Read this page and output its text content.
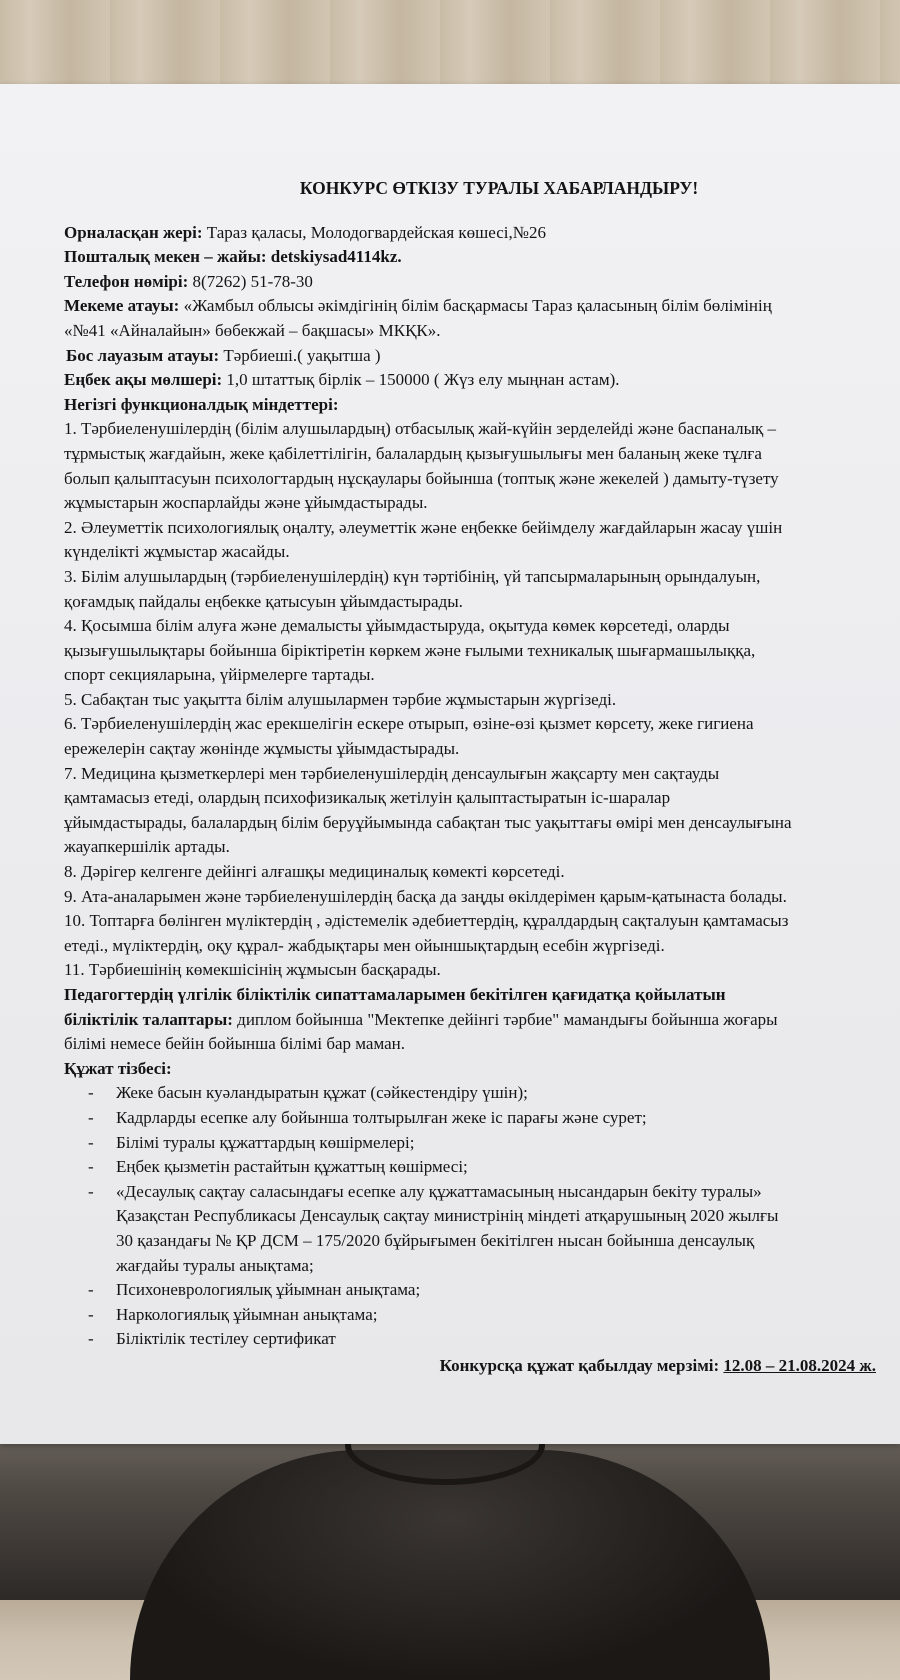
КОНКУРС ӨТКІЗУ ТУРАЛЫ ХАБАРЛАНДЫРУ!
Орналасқан жері: Тараз қаласы, Молодогвардейская көшесі,№26
Пошталық мекен – жайы: detskiysad4114kz.
Телефон нөмірі: 8(7262) 51-78-30
Мекеме атауы: «Жамбыл облысы әкімдігінің білім басқармасы Тараз қаласының білім бөлімінің
«№41 «Айналайын» бөбекжай – бақшасы» МКҚК».
Бос лауазым атауы: Тәрбиеші.( уақытша )
Еңбек ақы мөлшері: 1,0 штаттық бірлік – 150000 ( Жүз елу мыңнан астам).
Негізгі функционалдық міндеттері:
1. Тәрбиеленушілердің (білім алушылардың) отбасылық жай-күйін зерделейді және баспаналық –
тұрмыстық жағдайын, жеке қабілеттілігін, балалардың қызығушылығы мен баланың жеке тұлға
болып қалыптасуын психологтардың нұсқаулары бойынша (топтық және жекелей ) дамыту-түзету
жұмыстарын жоспарлайды және ұйымдастырады.
2. Әлеуметтік психологиялық оңалту, әлеуметтік және еңбекке бейімделу жағдайларын жасау үшін
күнделікті жұмыстар жасайды.
3. Білім алушылардың (тәрбиеленушілердің) күн тәртібінің, үй тапсырмаларының орындалуын,
қоғамдық пайдалы еңбекке қатысуын ұйымдастырады.
4. Қосымша білім алуға және демалысты ұйымдастыруда, оқытуда көмек көрсетеді, оларды
қызығушылықтары бойынша біріктіретін көркем және ғылыми техникалық шығармашылыққа,
спорт секцияларына, үйірмелерге тартады.
5. Сабақтан тыс уақытта білім алушылармен тәрбие жұмыстарын жүргізеді.
6. Тәрбиеленушілердің жас ерекшелігін ескере отырып, өзіне-өзі қызмет көрсету, жеке гигиена
ережелерін сақтау жөнінде жұмысты ұйымдастырады.
7. Медицина қызметкерлері мен тәрбиеленушілердің денсаулығын жақсарту мен сақтауды
қамтамасыз етеді, олардың психофизикалық жетілуін қалыптастыратын іс-шаралар
ұйымдастырады, балалардың білім беруұйымында сабақтан тыс уақыттағы өмірі мен денсаулығына
жауапкершілік артады.
8. Дәрігер келгенге дейінгі алғашқы медициналық көмекті көрсетеді.
9. Ата-аналарымен және тәрбиеленушілердің басқа да заңды өкілдерімен қарым-қатынаста болады.
10. Топтарға бөлінген мүліктердің , әдістемелік әдебиеттердің, құралдардың сақталуын қамтамасыз
етеді., мүліктердің, оқу құрал- жабдықтары мен ойыншықтардың есебін жүргізеді.
11. Тәрбиешінің көмекшісінің жұмысын басқарады.
Педагогтердің үлгілік біліктілік сипаттамаларымен бекітілген қағидатқа қойылатын
біліктілік талаптары: диплом бойынша "Мектепке дейінгі тәрбие" мамандығы бойынша жоғары
білімі немесе бейін бойынша білімі бар маман.
Құжат тізбесі:
- Жеке басын куәландыратын құжат (сәйкестендіру үшін);
- Кадрларды есепке алу бойынша толтырылған жеке іс парағы және сурет;
- Білімі туралы құжаттардың көшірмелері;
- Еңбек қызметін растайтын құжаттың көшірмесі;
- «Десаулық сақтау саласындағы есепке алу құжаттамасының нысандарын бекіту туралы»
Қазақстан Республикасы Денсаулық сақтау министрінің міндеті атқарушының 2020 жылғы
30 қазандағы № ҚР ДСМ – 175/2020 бұйрығымен бекітілген нысан бойынша денсаулық
жағдайы туралы анықтама;
- Психоневрологиялық ұйымнан анықтама;
- Наркологиялық ұйымнан анықтама;
- Біліктілік тестілеу сертификат
Конкурсқа құжат қабылдау мерзімі: 12.08 – 21.08.2024 ж.
